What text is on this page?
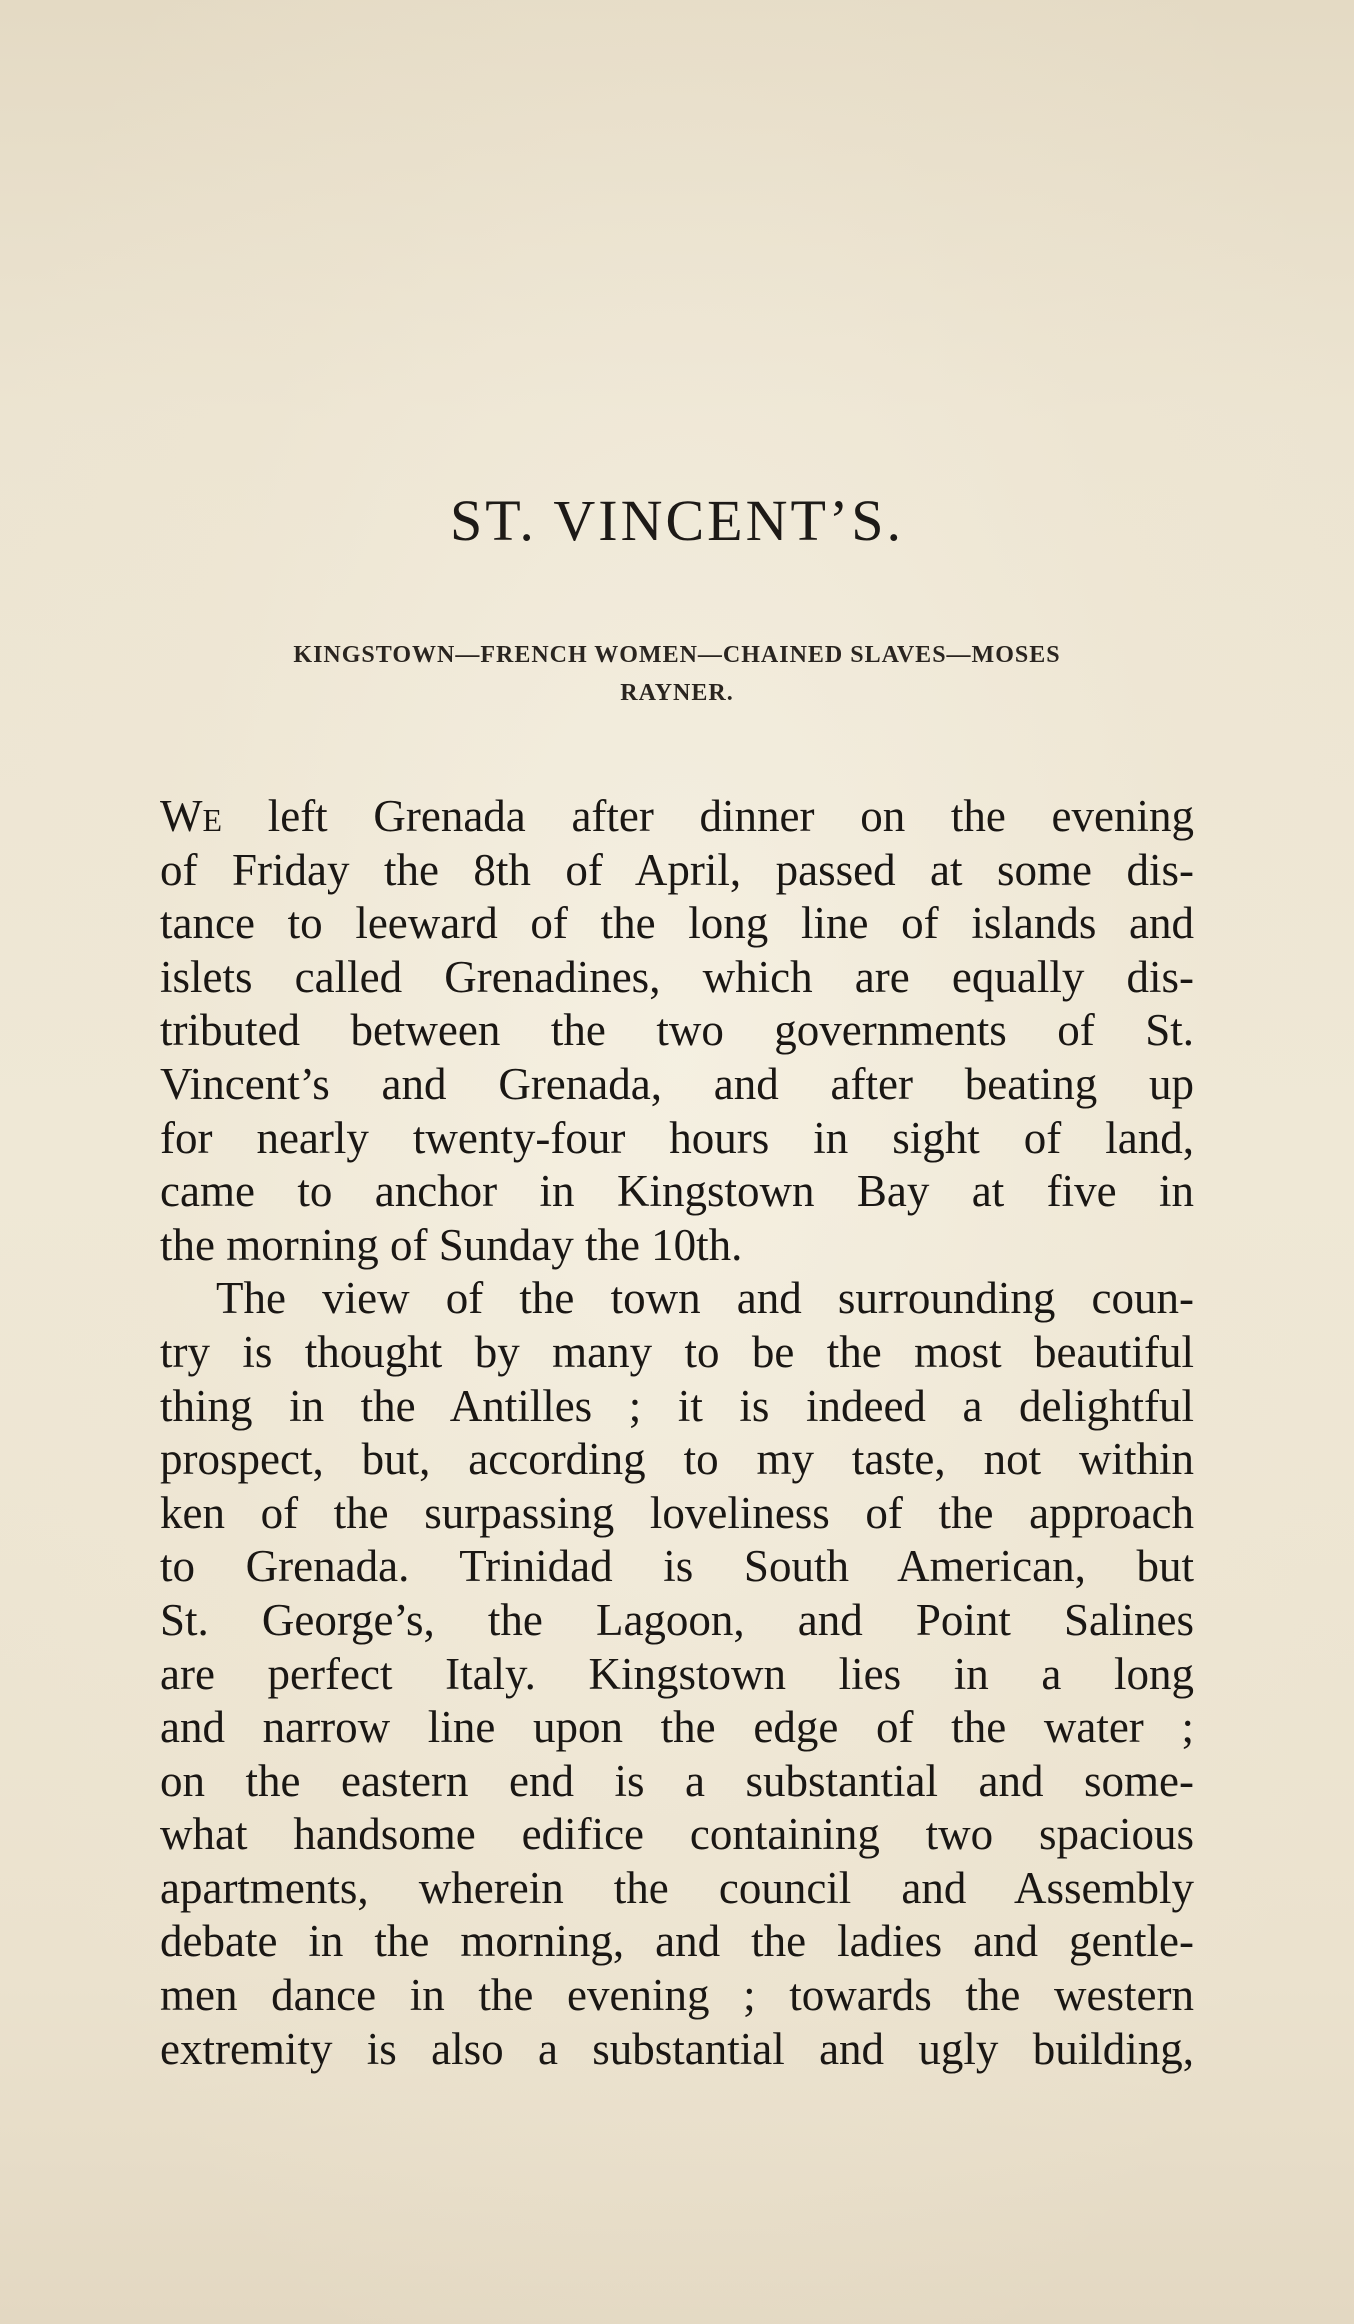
ST. VINCENT’S.
KINGSTOWN—FRENCH WOMEN—CHAINED SLAVES—MOSES
RAYNER.
WE left Grenada after dinner on the evening
of Friday the 8th of April, passed at some dis-
tance to leeward of the long line of islands and
islets called Grenadines, which are equally dis-
tributed between the two governments of St.
Vincent’s and Grenada, and after beating up
for nearly twenty-four hours in sight of land,
came to anchor in Kingstown Bay at five in
the morning of Sunday the 10th.
The view of the town and surrounding coun-
try is thought by many to be the most beautiful
thing in the Antilles ; it is indeed a delightful
prospect, but, according to my taste, not within
ken of the surpassing loveliness of the approach
to Grenada. Trinidad is South American, but
St. George’s, the Lagoon, and Point Salines
are perfect Italy. Kingstown lies in a long
and narrow line upon the edge of the water ;
on the eastern end is a substantial and some-
what handsome edifice containing two spacious
apartments, wherein the council and Assembly
debate in the morning, and the ladies and gentle-
men dance in the evening ; towards the western
extremity is also a substantial and ugly building,
